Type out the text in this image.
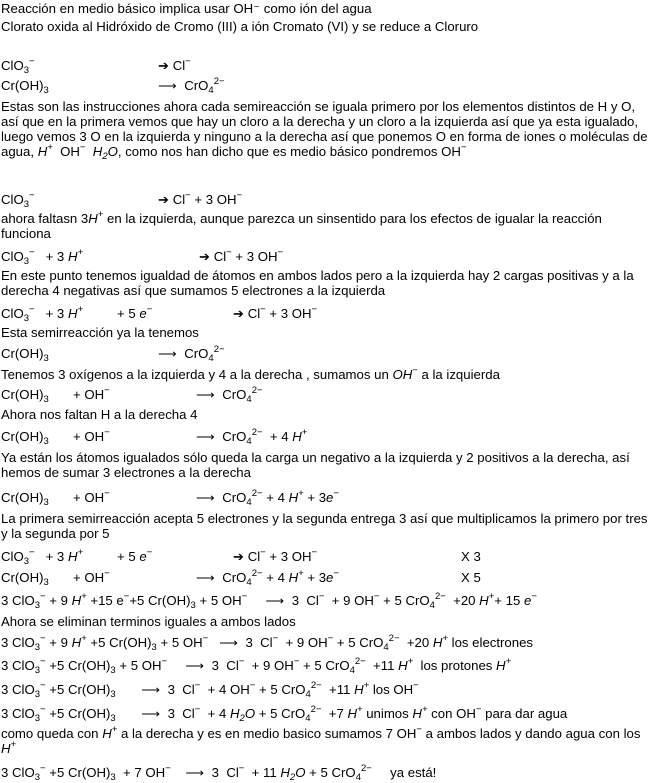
Reacción en medio básico implica usar OH⁻ como ión del agua
Clorato oxida al Hidróxido de Cromo (III) a ión Cromato (VI) y se reduce a Cloruro
ClO$_3$−	➔ Cl−
$Cr(OH)_3$	⟶  CrO$_4^{2-}$
Estas son las instrucciones ahora cada semireacción se iguala primero por los elementos distintos de H y O, así que en la primera vemos que hay un cloro a la derecha y un cloro a la izquierda así que ya esta igualado, luego vemos 3 O en la izquierda y ninguno a la derecha así que ponemos O en forma de iones o moléculas de agua, H+  OH− $H_2O$, como nos han dicho que es medio básico pondremos OH−
ClO$_3$−	➔ Cl− + 3 OH−
ahora faltasn 3H+ en la izquierda, aunque parezca un sinsentido para los efectos de igualar la reacción funciona
ClO$_3$−   + 3 H+	➔ Cl− + 3 OH−
En este punto tenemos igualdad de átomos en ambos lados pero a la izquierda hay 2 cargas positivas y a la derecha 4 negativas así que sumamos 5 electrones a la izquierda
ClO$_3$−   + 3 H+	+ 5 e−	➔ Cl− + 3 OH−
Esta semirreacción ya la tenemos
$Cr(OH)_3$	⟶  CrO$_4^{2-}$
Tenemos 3 oxígenos a la izquierda y 4 a la derecha , sumamos un OH− a la izquierda
$Cr(OH)_3 + OH^-$	⟶  CrO$_4^{2-}$
Ahora nos faltan H a la derecha 4
$Cr(OH)_3 + OH^-$	⟶  CrO$_4^{2-}$  + 4 H+
Ya están los átomos igualados sólo queda la carga un negativo a la izquierda y 2 positivos a la derecha, así hemos de sumar 3 electrones a la derecha
$Cr(OH)_3 + OH^-$	⟶  CrO$_4^{2-}$ + 4 H+ + 3e−
La primera semirreacción acepta 5 electrones y la segunda entrega 3 así que multiplicamos la primero por tres y la segunda por 5
ClO$_3$−   + 3 H+	+ 5 e−	➔ Cl− + 3 OH−	X 3
$Cr(OH)_3 + OH^-$	⟶  CrO$_4^{2-}$ + 4 H+ + 3e−	X 5
3 ClO$_3$− + 9 H+ +15 e−+5 $Cr(OH)_3 + 5$ OH−     ⟶  3  Cl−  + 9 OH− + 5 CrO$_4^{2-}$  +20 H++ 15 e−
Ahora se eliminan terminos iguales a ambos lados
3 ClO$_3$− + 9 H+ +5 $Cr(OH)_3 + 5$ OH−   ⟶  3  Cl−  + 9 OH− + 5 CrO$_4^{2-}$  +20 H+ los electrones
3 ClO$_3$− +5 $Cr(OH)_3 + 5$ OH−     ⟶  3  Cl−  + 9 OH− + 5 CrO$_4^{2-}$  +11 H+ los protones H+
3 ClO$_3$− +5 $Cr(OH)_3$       ⟶  3  Cl−  + 4 OH− + 5 CrO$_4^{2-}$  +11 H+ los OH−
3 ClO$_3$− +5 $Cr(OH)_3$       ⟶  3  Cl−  + 4 $H_2O + 5$ CrO$_4^{2-}$  +7 H+ unimos H+ con OH− para dar agua
como queda con H+ a la derecha y es en medio basico sumamos 7 OH− a ambos lados y dando agua con los H+
3 ClO$_3$− +5 $Cr(OH)_3 + 7$ OH−    ⟶  3  Cl−  + 11 $H_2O + 5$ CrO$_4^{2-}$ ya está!
